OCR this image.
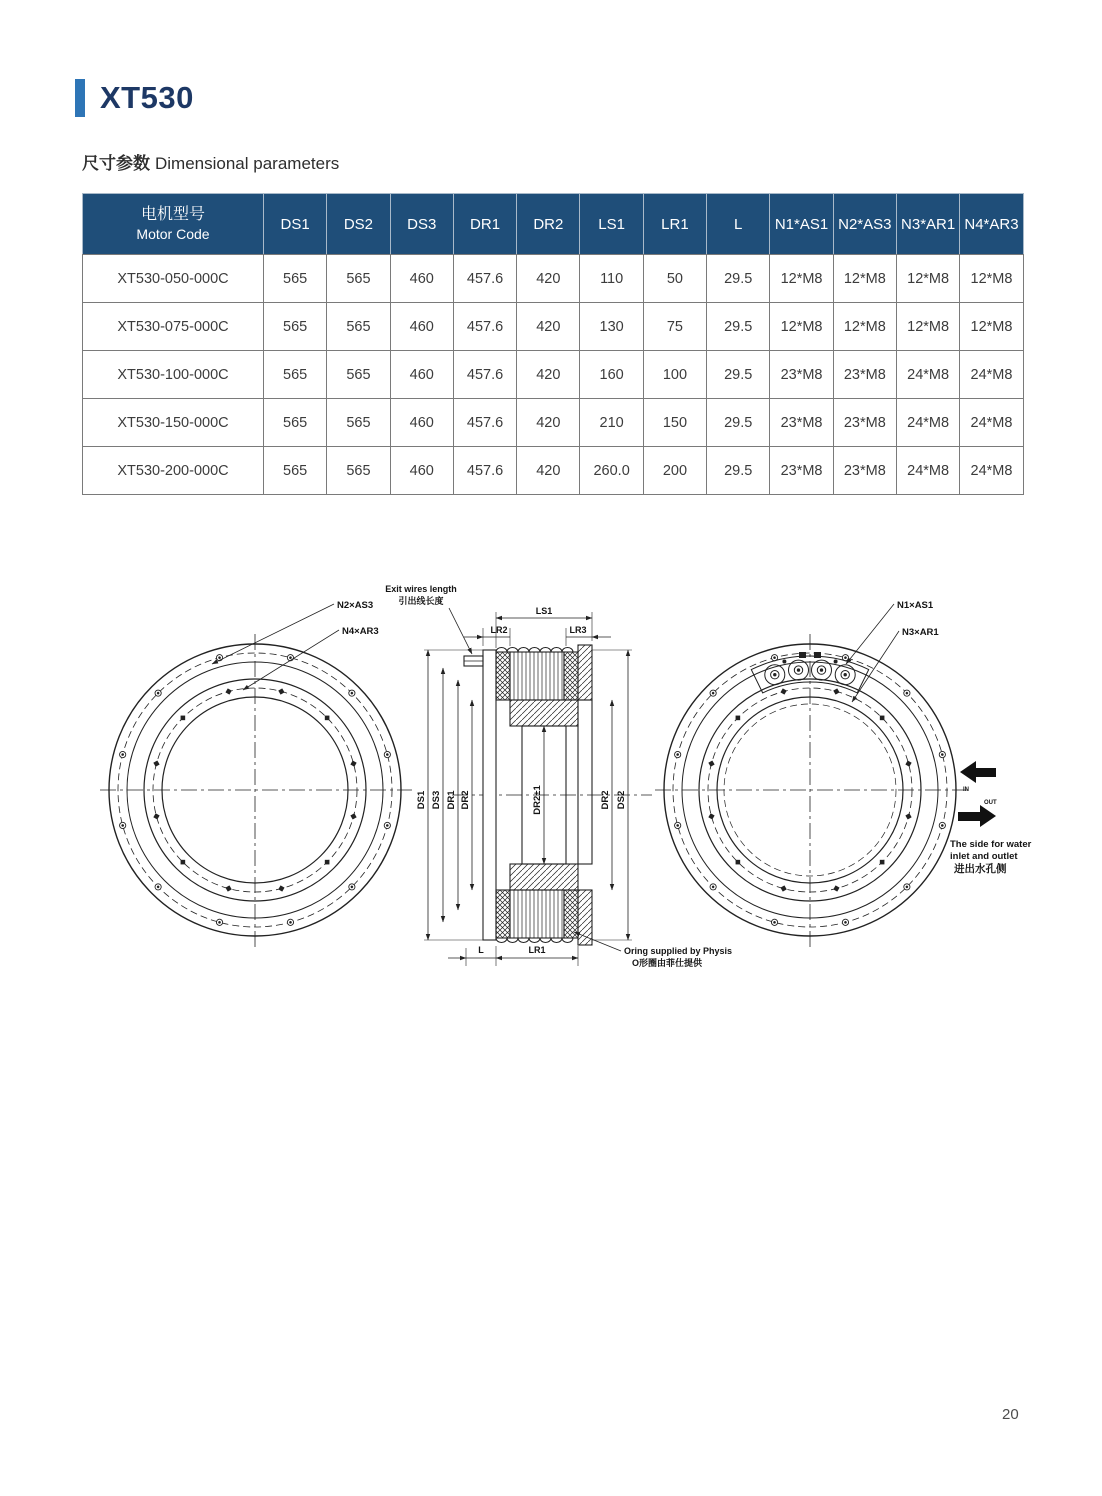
XT530
尺寸参数 Dimensional parameters
电机型号
Motor Code	DS1	DS2	DS3	DR1	DR2	LS1	LR1	L	N1*AS1	N2*AS3	N3*AR1	N4*AR3
XT530-050-000C	565	565	460	457.6	420	110	50	29.5	12*M8	12*M8	12*M8	12*M8
XT530-075-000C	565	565	460	457.6	420	130	75	29.5	12*M8	12*M8	12*M8	12*M8
XT530-100-000C	565	565	460	457.6	420	160	100	29.5	23*M8	23*M8	24*M8	24*M8
XT530-150-000C	565	565	460	457.6	420	210	150	29.5	23*M8	23*M8	24*M8	24*M8
XT530-200-000C	565	565	460	457.6	420	260.0	200	29.5	23*M8	23*M8	24*M8	24*M8
N2×AS3
N4×AR3
DS1 DS3 DR1 DR2	DR2±1	DR2 DS2
LS1
LR2	LR3
L	LR1
Exit wires length
引出线长度
Oring supplied by Physis
O形圈由菲仕提供
N1×AS1
N3×AR1
IN
OUT
The side for water
inlet and outlet
进出水孔侧
20
